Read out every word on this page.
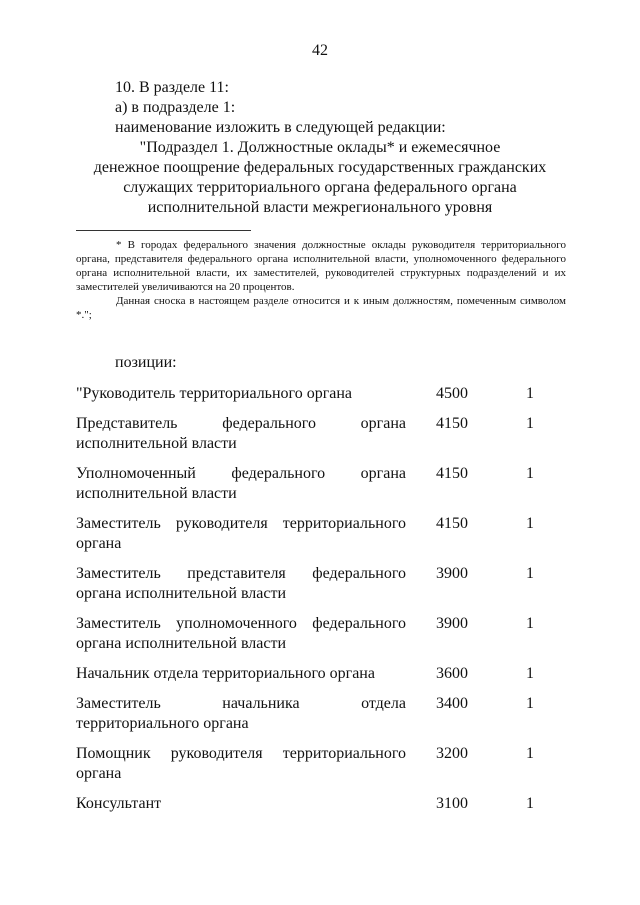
42
10. В разделе 11:
а) в подразделе 1:
наименование изложить в следующей редакции:
"Подраздел 1. Должностные оклады* и ежемесячное
денежное поощрение федеральных государственных гражданских
служащих территориального органа федерального органа
исполнительной власти межрегионального уровня

* В городах федерального значения должностные оклады руководителя территориального органа, представителя федерального органа исполнительной власти, уполномоченного федерального органа исполнительной власти, их заместителей, руководителей структурных подразделений и их заместителей увеличиваются на 20 процентов.

Данная сноска в настоящем разделе относится и к иным должностям, помеченным символом *.";

позиции:
"Руководитель территориального органа	4500	1
Представитель федерального органа
исполнительной власти
4150	1
Уполномоченный федерального органа
исполнительной власти
4150	1
Заместитель руководителя территориального
органа
4150	1
Заместитель представителя федерального
органа исполнительной власти
3900	1
Заместитель уполномоченного федерального
органа исполнительной власти
3900	1
Начальник отдела территориального органа	3600	1
Заместитель начальника отдела
территориального органа
3400	1
Помощник руководителя территориального
органа
3200	1
Консультант	3100	1
